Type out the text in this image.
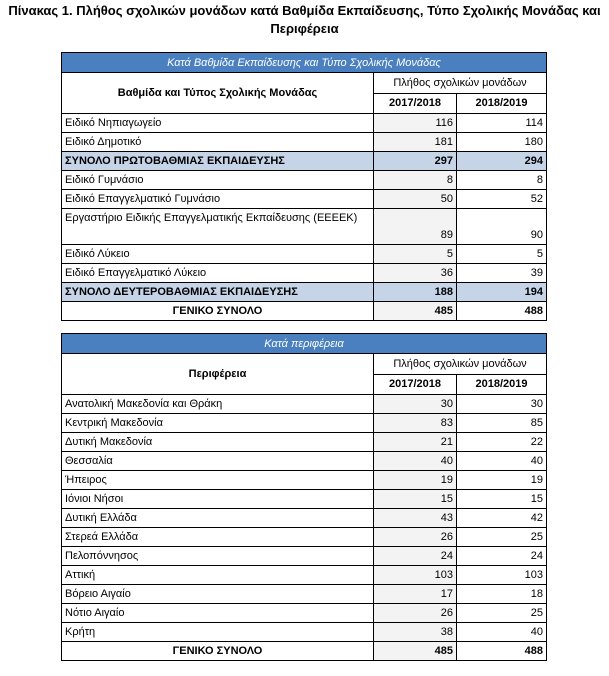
Πίνακας 1. Πλήθος σχολικών μονάδων κατά Βαθμίδα Εκπαίδευσης, Τύπο Σχολικής Μονάδας και Περιφέρεια
Κατά Βαθμίδα Εκπαίδευσης και Τύπο Σχολικής Μονάδας		
Βαθμίδα και Τύπος Σχολικής Μονάδας	Πλήθος σχολικών μονάδων	
	2017/2018	2018/2019
Ειδικό Νηπιαγωγείο	116	114
Ειδικό Δημοτικό	181	180
ΣΥΝΟΛΟ ΠΡΩΤΟΒΑΘΜΙΑΣ ΕΚΠΑΙΔΕΥΣΗΣ	297	294
Ειδικό Γυμνάσιο	8	8
Ειδικό Επαγγελματικό Γυμνάσιο	50	52
Εργαστήριο Ειδικής Επαγγελματικής Εκπαίδευσης (ΕΕΕΕΚ)	89	90
Ειδικό Λύκειο	5	5
Ειδικό Επαγγελματικό Λύκειο	36	39
ΣΥΝΟΛΟ ΔΕΥΤΕΡΟΒΑΘΜΙΑΣ ΕΚΠΑΙΔΕΥΣΗΣ	188	194
ΓΕΝΙΚΟ ΣΥΝΟΛΟ	485	488
Κατά περιφέρεια		
Περιφέρεια	Πλήθος σχολικών μονάδων	
	2017/2018	2018/2019
Ανατολική Μακεδονία και Θράκη	30	30
Κεντρική Μακεδονία	83	85
Δυτική Μακεδονία	21	22
Θεσσαλία	40	40
Ήπειρος	19	19
Ιόνιοι Νήσοι	15	15
Δυτική Ελλάδα	43	42
Στερεά Ελλάδα	26	25
Πελοπόννησος	24	24
Αττική	103	103
Βόρειο Αιγαίο	17	18
Νότιο Αιγαίο	26	25
Κρήτη	38	40
ΓΕΝΙΚΟ ΣΥΝΟΛΟ	485	488
